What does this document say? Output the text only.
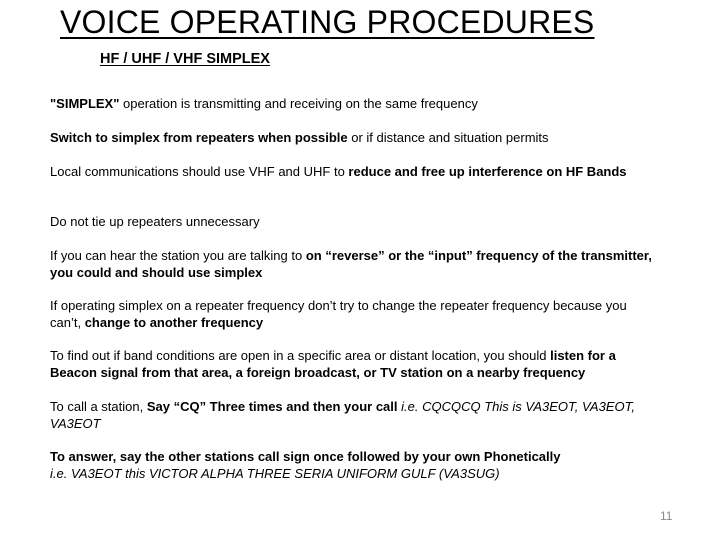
VOICE OPERATING PROCEDURES
HF / UHF / VHF SIMPLEX
"SIMPLEX" operation is transmitting and receiving on the same frequency
Switch to simplex from repeaters when possible or if distance and situation permits
Local communications should use VHF and UHF to reduce and free up interference on HF Bands
Do not tie up repeaters unnecessary
If you can hear the station you are talking to on “reverse” or the “input” frequency of the transmitter, you could and should use simplex
If operating simplex on a repeater frequency don’t try to change the repeater frequency because you can’t, change to another frequency
To find out if band conditions are open in a specific area or distant location, you should listen for a Beacon signal from that area, a foreign broadcast, or TV station on a nearby frequency
To call a station, Say “CQ” Three times and then your call i.e. CQCQCQ This is VA3EOT, VA3EOT, VA3EOT
To answer, say the other stations call sign once followed by your own Phonetically
i.e. VA3EOT this VICTOR ALPHA THREE SERIA UNIFORM GULF (VA3SUG)
11
